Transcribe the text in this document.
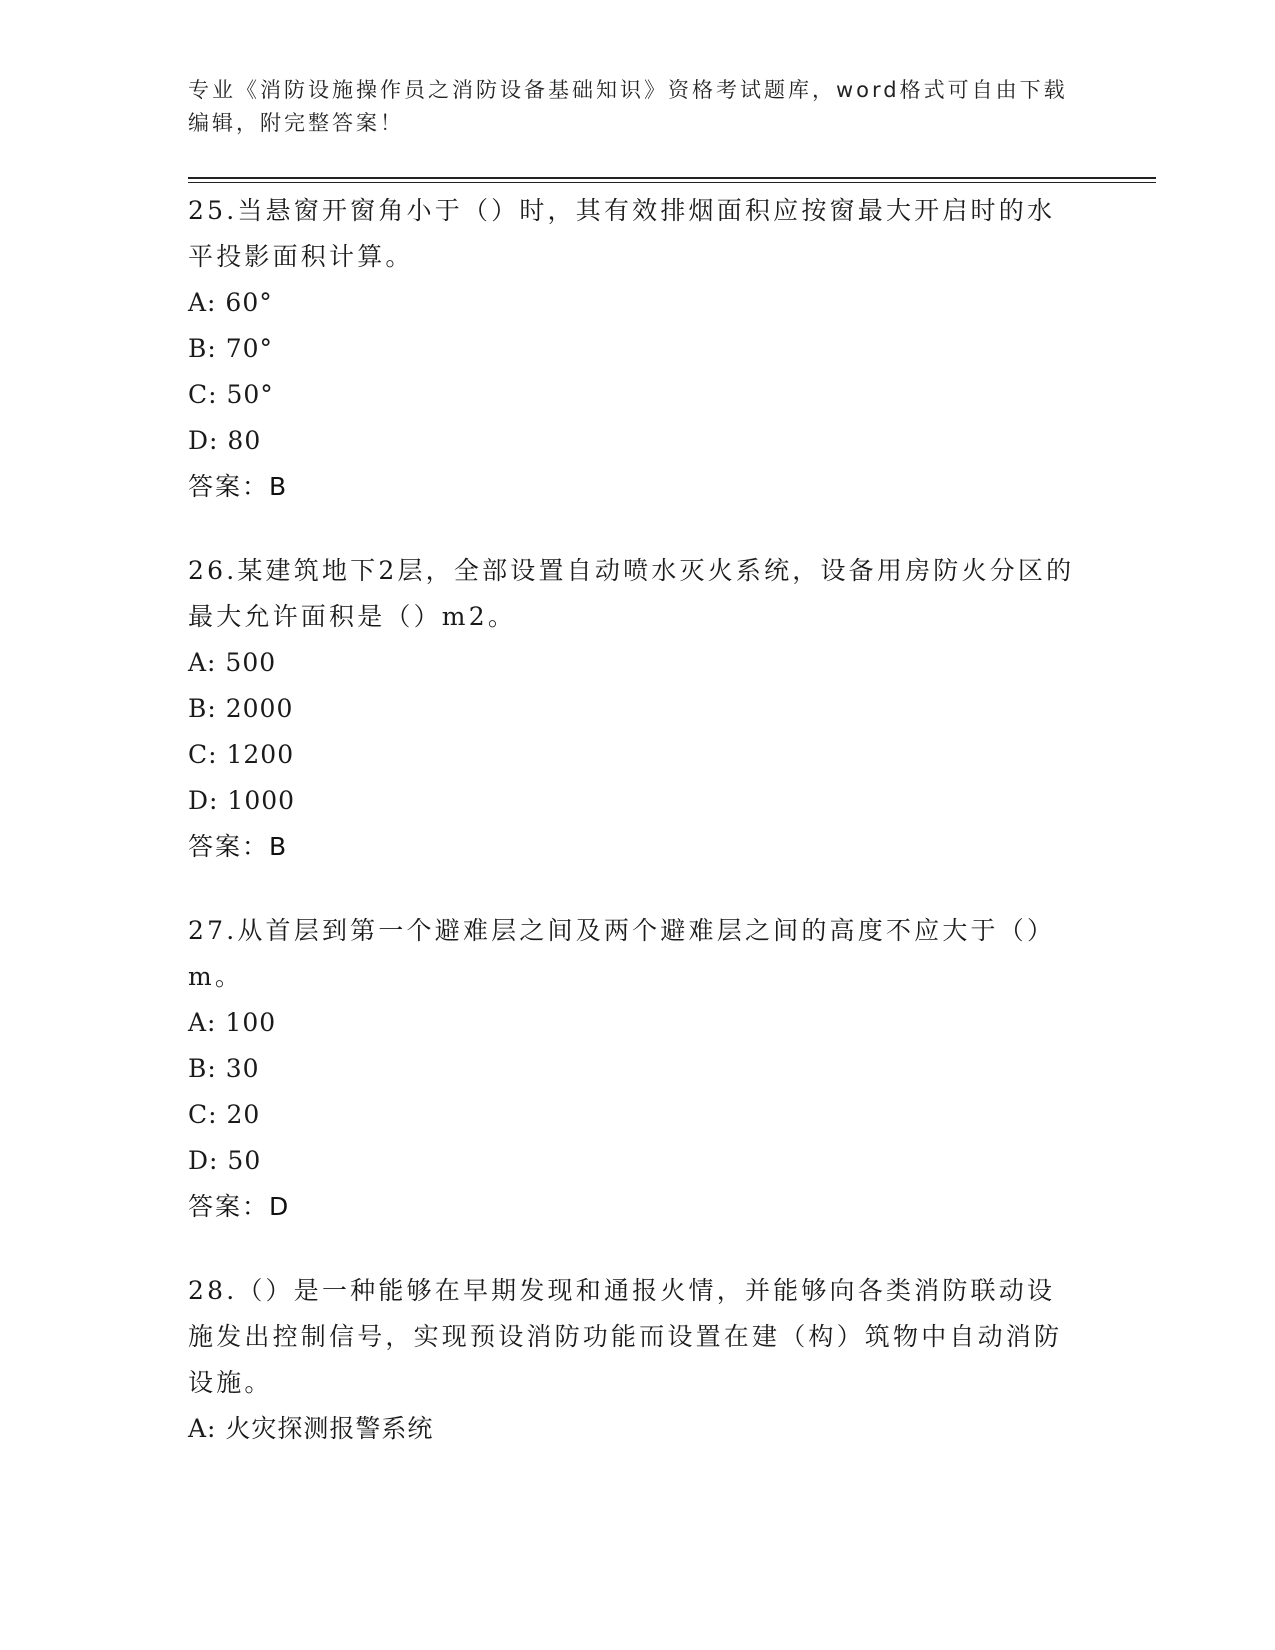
专业《消防设施操作员之消防设备基础知识》资格考试题库，word格式可自由下载编辑，附完整答案！

25.当悬窗开窗角小于（）时，其有效排烟面积应按窗最大开启时的水平投影面积计算。

A: 60°

B: 70°

C: 50°

D: 80

答案：B

26.某建筑地下2层，全部设置自动喷水灭火系统，设备用房防火分区的最大允许面积是（）m2。

A: 500

B: 2000

C: 1200

D: 1000

答案：B

27.从首层到第一个避难层之间及两个避难层之间的高度不应大于（）m。

A: 100

B: 30

C: 20

D: 50

答案：D

28.（）是一种能够在早期发现和通报火情，并能够向各类消防联动设施发出控制信号，实现预设消防功能而设置在建（构）筑物中自动消防设施。

A: 火灾探测报警系统
